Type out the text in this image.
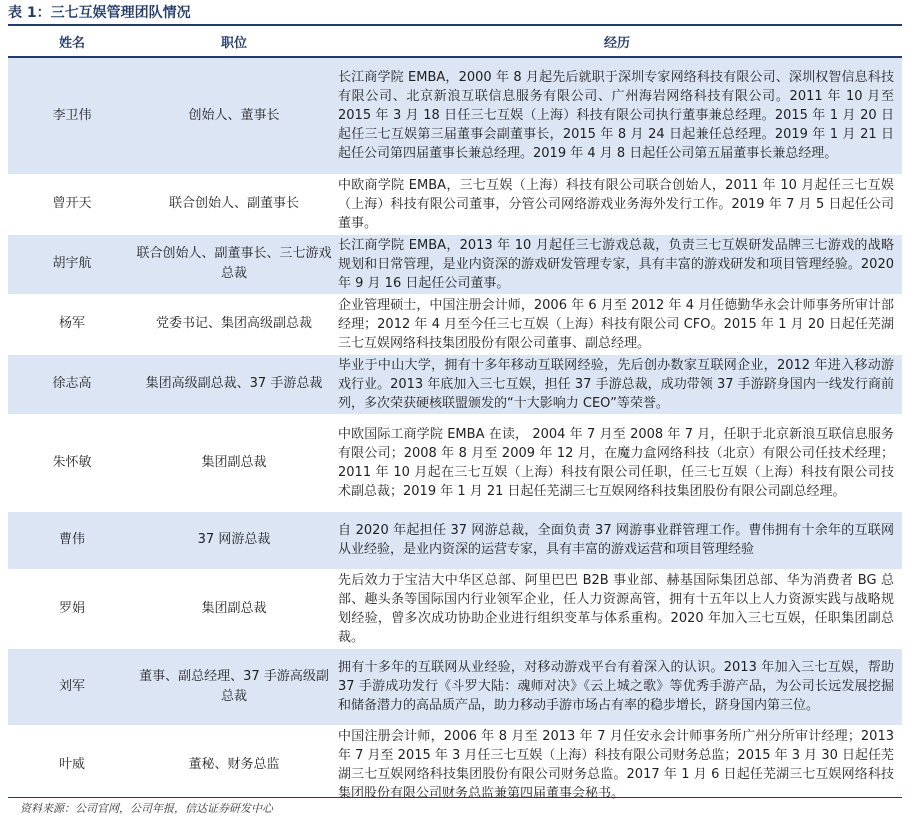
表 1：三七互娱管理团队情况
姓名	职位	经历
李卫伟	创始人、董事长	长江商学院 EMBA，2000 年 8 月起先后就职于深圳专家网络科技有限公司、深圳权智信息科技有限公司、北京新浪互联信息服务有限公司、广州海岩网络科技有限公司。2011 年 10 月至 2015 年 3 月 18 日任三七互娱（上海）科技有限公司执行董事兼总经理。2015 年 1 月 20 日起任三七互娱第三届董事会副董事长，2015 年 8 月 24 日起兼任总经理。2019 年 1 月 21 日起任公司第四届董事长兼总经理。2019 年 4 月 8 日起任公司第五届董事长兼总经理。
曾开天	联合创始人、副董事长	中欧商学院 EMBA，三七互娱（上海）科技有限公司联合创始人，2011 年 10 月起任三七互娱（上海）科技有限公司董事，分管公司网络游戏业务海外发行工作。2019 年 7 月 5 日起任公司董事。
胡宇航	联合创始人、副董事长、三七游戏总裁	长江商学院 EMBA，2013 年 10 月起任三七游戏总裁，负责三七互娱研发品牌三七游戏的战略规划和日常管理，是业内资深的游戏研发管理专家，具有丰富的游戏研发和项目管理经验。2020 年 9 月 16 日起任公司董事。
杨军	党委书记、集团高级副总裁	企业管理硕士，中国注册会计师，2006 年 6 月至 2012 年 4 月任德勤华永会计师事务所审计部经理；2012 年 4 月至今任三七互娱（上海）科技有限公司 CFO。2015 年 1 月 20 日起任芜湖三七互娱网络科技集团股份有限公司董事、副总经理。
徐志高	集团高级副总裁、37 手游总裁	毕业于中山大学，拥有十多年移动互联网经验，先后创办数家互联网企业，2012 年进入移动游戏行业。2013 年底加入三七互娱，担任 37 手游总裁，成功带领 37 手游跻身国内一线发行商前列，多次荣获硬核联盟颁发的“十大影响力 CEO”等荣誉。
朱怀敏	集团副总裁	中欧国际工商学院 EMBA 在读， 2004 年 7 月至 2008 年 7 月，任职于北京新浪互联信息服务有限公司；2008 年 8 月至 2009 年 12 月，在魔力盒网络科技（北京）有限公司任技术经理；2011 年 10 月起在三七互娱（上海）科技有限公司任职，任三七互娱（上海）科技有限公司技术副总裁；2019 年 1 月 21 日起任芜湖三七互娱网络科技集团股份有限公司副总经理。
曹伟	37 网游总裁	自 2020 年起担任 37 网游总裁，全面负责 37 网游事业群管理工作。曹伟拥有十余年的互联网从业经验，是业内资深的运营专家，具有丰富的游戏运营和项目管理经验
罗娟	集团副总裁	先后效力于宝洁大中华区总部、阿里巴巴 B2B 事业部、赫基国际集团总部、华为消费者 BG 总部、趣头条等国际国内行业领军企业，任人力资源高管，拥有十五年以上人力资源实践与战略规划经验，曾多次成功协助企业进行组织变革与体系重构。2020 年加入三七互娱，任职集团副总裁。
刘军	董事、副总经理、37 手游高级副总裁	拥有十多年的互联网从业经验，对移动游戏平台有着深入的认识。2013 年加入三七互娱，帮助 37 手游成功发行《斗罗大陆：魂师对决》《云上城之歌》等优秀手游产品，为公司长远发展挖掘和储备潜力的高品质产品，助力移动手游市场占有率的稳步增长，跻身国内第三位。
叶威	董秘、财务总监	中国注册会计师，2006 年 8 月至 2013 年 7 月任安永会计师事务所广州分所审计经理；2013 年 7 月至 2015 年 3 月任三七互娱（上海）科技有限公司财务总监；2015 年 3 月 30 日起任芜湖三七互娱网络科技集团股份有限公司财务总监。2017 年 1 月 6 日起任芜湖三七互娱网络科技集团股份有限公司财务总监兼第四届董事会秘书。
资料来源：公司官网，公司年报，信达证券研发中心
